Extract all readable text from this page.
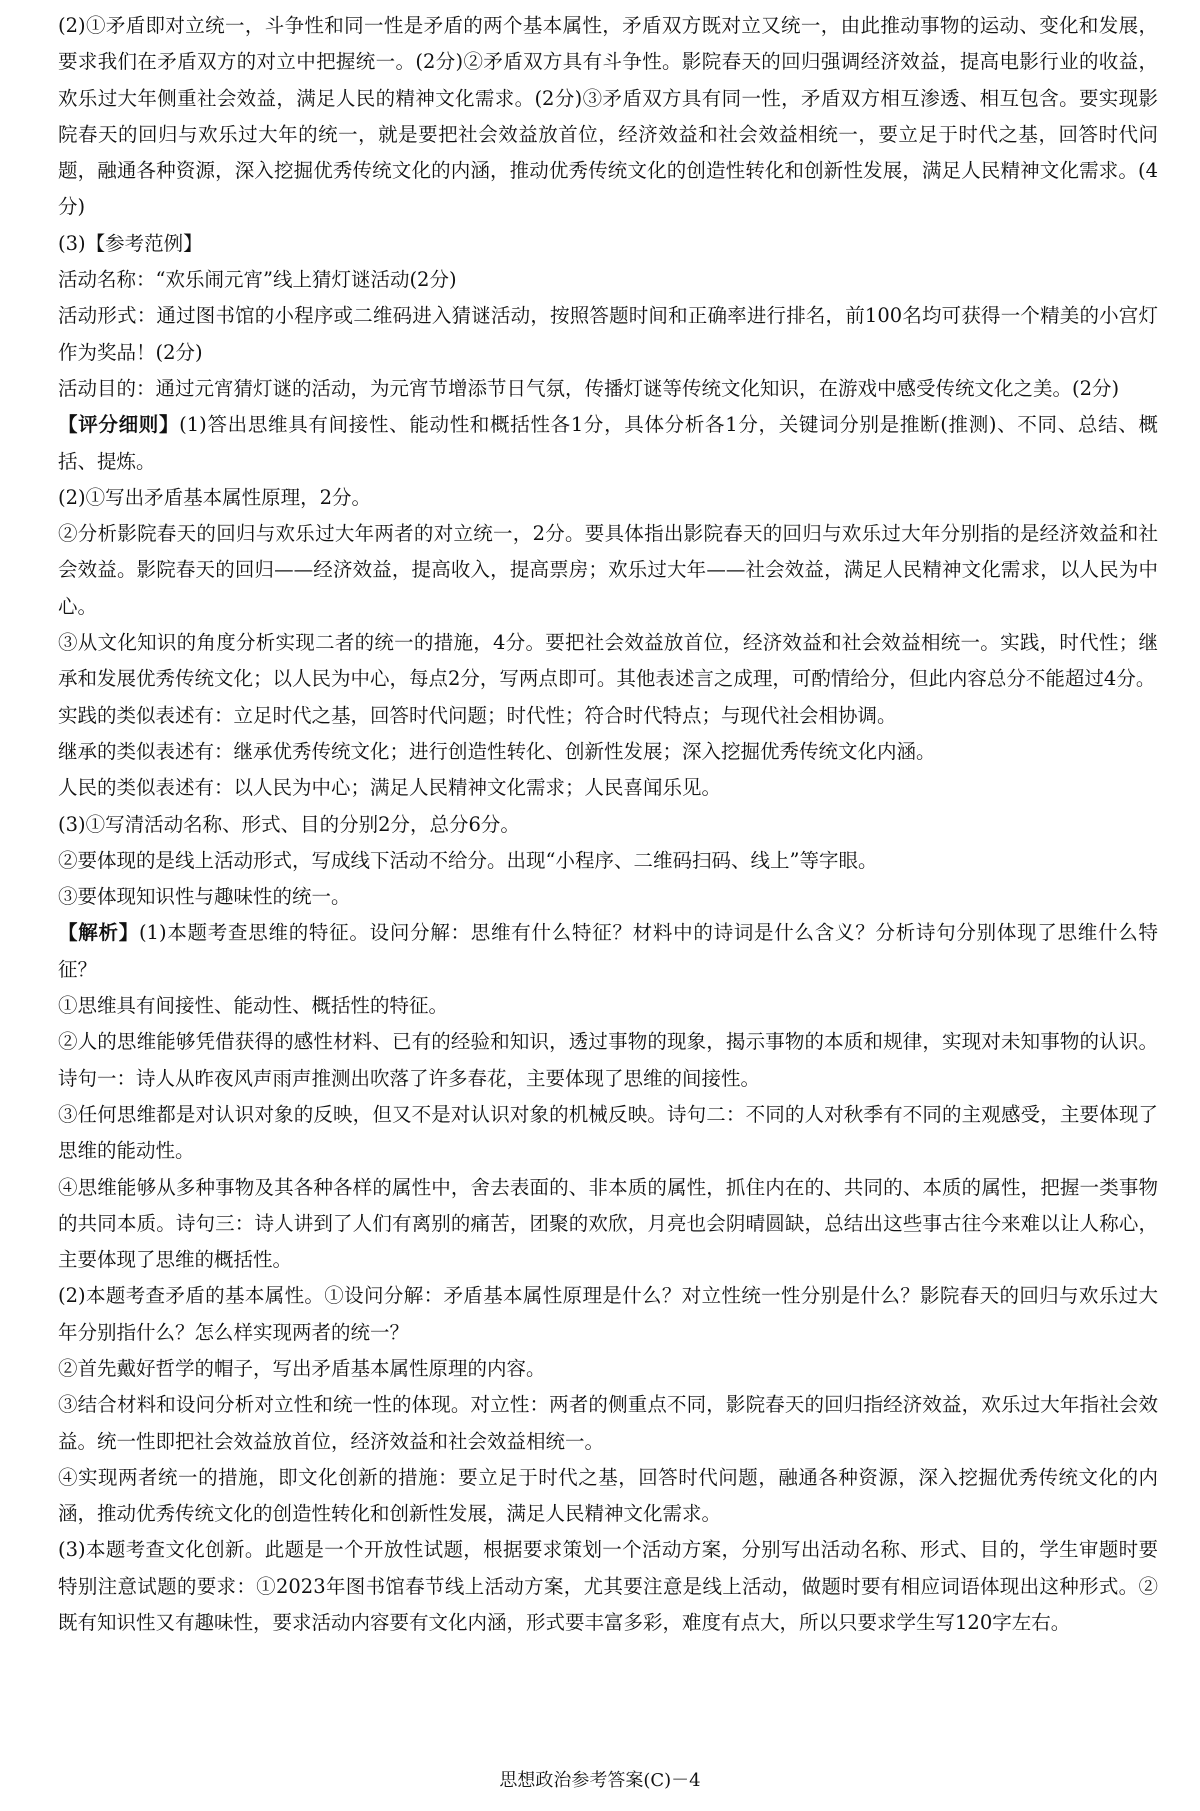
(2)①矛盾即对立统一，斗争性和同一性是矛盾的两个基本属性，矛盾双方既对立又统一，由此推动事物的运动、变化和发展，要求我们在矛盾双方的对立中把握统一。(2分)②矛盾双方具有斗争性。影院春天的回归强调经济效益，提高电影行业的收益，欢乐过大年侧重社会效益，满足人民的精神文化需求。(2分)③矛盾双方具有同一性，矛盾双方相互渗透、相互包含。要实现影院春天的回归与欢乐过大年的统一，就是要把社会效益放首位，经济效益和社会效益相统一，要立足于时代之基，回答时代问题，融通各种资源，深入挖掘优秀传统文化的内涵，推动优秀传统文化的创造性转化和创新性发展，满足人民精神文化需求。(4分)

(3)【参考范例】

活动名称：“欢乐闹元宵”线上猜灯谜活动(2分)

活动形式：通过图书馆的小程序或二维码进入猜谜活动，按照答题时间和正确率进行排名，前100名均可获得一个精美的小宫灯作为奖品！(2分)

活动目的：通过元宵猜灯谜的活动，为元宵节增添节日气氛，传播灯谜等传统文化知识，在游戏中感受传统文化之美。(2分)

【评分细则】(1)答出思维具有间接性、能动性和概括性各1分，具体分析各1分，关键词分别是推断(推测)、不同、总结、概括、提炼。

(2)①写出矛盾基本属性原理，2分。

②分析影院春天的回归与欢乐过大年两者的对立统一，2分。要具体指出影院春天的回归与欢乐过大年分别指的是经济效益和社会效益。影院春天的回归——经济效益，提高收入，提高票房；欢乐过大年——社会效益，满足人民精神文化需求，以人民为中心。

③从文化知识的角度分析实现二者的统一的措施，4分。要把社会效益放首位，经济效益和社会效益相统一。实践，时代性；继承和发展优秀传统文化；以人民为中心，每点2分，写两点即可。其他表述言之成理，可酌情给分，但此内容总分不能超过4分。

实践的类似表述有：立足时代之基，回答时代问题；时代性；符合时代特点；与现代社会相协调。

继承的类似表述有：继承优秀传统文化；进行创造性转化、创新性发展；深入挖掘优秀传统文化内涵。

人民的类似表述有：以人民为中心；满足人民精神文化需求；人民喜闻乐见。

(3)①写清活动名称、形式、目的分别2分，总分6分。

②要体现的是线上活动形式，写成线下活动不给分。出现“小程序、二维码扫码、线上”等字眼。

③要体现知识性与趣味性的统一。

【解析】(1)本题考查思维的特征。设问分解：思维有什么特征？材料中的诗词是什么含义？分析诗句分别体现了思维什么特征？

①思维具有间接性、能动性、概括性的特征。

②人的思维能够凭借获得的感性材料、已有的经验和知识，透过事物的现象，揭示事物的本质和规律，实现对未知事物的认识。诗句一：诗人从昨夜风声雨声推测出吹落了许多春花，主要体现了思维的间接性。

③任何思维都是对认识对象的反映，但又不是对认识对象的机械反映。诗句二：不同的人对秋季有不同的主观感受，主要体现了思维的能动性。

④思维能够从多种事物及其各种各样的属性中，舍去表面的、非本质的属性，抓住内在的、共同的、本质的属性，把握一类事物的共同本质。诗句三：诗人讲到了人们有离别的痛苦，团聚的欢欣，月亮也会阴晴圆缺，总结出这些事古往今来难以让人称心，主要体现了思维的概括性。

(2)本题考查矛盾的基本属性。①设问分解：矛盾基本属性原理是什么？对立性统一性分别是什么？影院春天的回归与欢乐过大年分别指什么？怎么样实现两者的统一？

②首先戴好哲学的帽子，写出矛盾基本属性原理的内容。

③结合材料和设问分析对立性和统一性的体现。对立性：两者的侧重点不同，影院春天的回归指经济效益，欢乐过大年指社会效益。统一性即把社会效益放首位，经济效益和社会效益相统一。

④实现两者统一的措施，即文化创新的措施：要立足于时代之基，回答时代问题，融通各种资源，深入挖掘优秀传统文化的内涵，推动优秀传统文化的创造性转化和创新性发展，满足人民精神文化需求。

(3)本题考查文化创新。此题是一个开放性试题，根据要求策划一个活动方案，分别写出活动名称、形式、目的，学生审题时要特别注意试题的要求：①2023年图书馆春节线上活动方案，尤其要注意是线上活动，做题时要有相应词语体现出这种形式。②既有知识性又有趣味性，要求活动内容要有文化内涵，形式要丰富多彩，难度有点大，所以只要求学生写120字左右。

思想政治参考答案(C)－4
